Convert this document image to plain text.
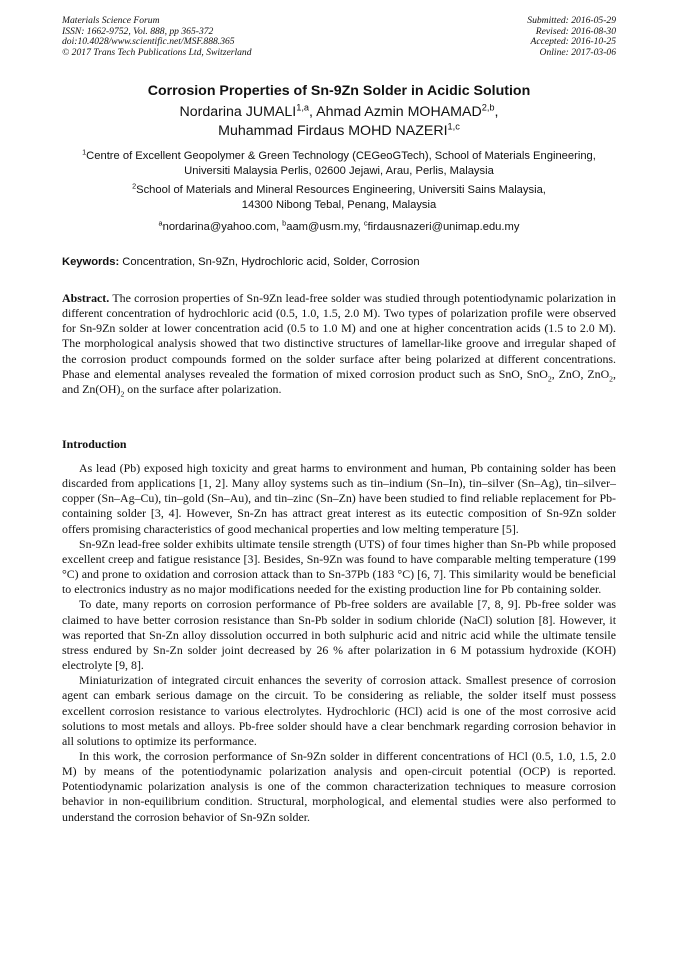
Materials Science Forum
ISSN: 1662-9752, Vol. 888, pp 365-372
doi:10.4028/www.scientific.net/MSF.888.365
© 2017 Trans Tech Publications Ltd, Switzerland
Submitted: 2016-05-29
Revised: 2016-08-30
Accepted: 2016-10-25
Online: 2017-03-06
Corrosion Properties of Sn-9Zn Solder in Acidic Solution
Nordarina JUMALI$^{1,a}$, Ahmad Azmin MOHAMAD$^{2,b}$,
Muhammad Firdaus MOHD NAZERI$^{1,c}$
$^1$Centre of Excellent Geopolymer & Green Technology (CEGeoGTech), School of Materials Engineering, Universiti Malaysia Perlis, 02600 Jejawi, Arau, Perlis, Malaysia
$^2$School of Materials and Mineral Resources Engineering, Universiti Sains Malaysia,
14300 Nibong Tebal, Penang, Malaysia
$^a$nordarina@yahoo.com, $^b$aam@usm.my, $^c$firdausnazeri@unimap.edu.my
Keywords: Concentration, Sn-9Zn, Hydrochloric acid, Solder, Corrosion
Abstract. The corrosion properties of Sn-9Zn lead-free solder was studied through potentiodynamic polarization in different concentration of hydrochloric acid (0.5, 1.0, 1.5, 2.0 M). Two types of polarization profile were observed for Sn-9Zn solder at lower concentration acid (0.5 to 1.0 M) and one at higher concentration acids (1.5 to 2.0 M). The morphological analysis showed that two distinctive structures of lamellar-like groove and irregular shaped of the corrosion product compounds formed on the solder surface after being polarized at different concentrations. Phase and elemental analyses revealed the formation of mixed corrosion product such as SnO, SnO$_2$, ZnO, ZnO$_2$, and $Zn(OH)_2$ on the surface after polarization.
Introduction

As lead (Pb) exposed high toxicity and great harms to environment and human, Pb containing solder has been discarded from applications [1, 2]. Many alloy systems such as tin–indium (Sn–In), tin–silver (Sn–Ag), tin–silver–copper (Sn–Ag–Cu), tin–gold (Sn–Au), and tin–zinc (Sn–Zn) have been studied to find reliable replacement for Pb-containing solder [3, 4]. However, Sn-Zn has attract great interest as its eutectic composition of Sn-9Zn solder offers promising characteristics of good mechanical properties and low melting temperature [5].

Sn-9Zn lead-free solder exhibits ultimate tensile strength (UTS) of four times higher than Sn-Pb while proposed excellent creep and fatigue resistance [3]. Besides, Sn-9Zn was found to have comparable melting temperature (199 °C) and prone to oxidation and corrosion attack than to Sn-37Pb (183 °C) [6, 7]. This similarity would be beneficial to electronics industry as no major modifications needed for the existing production line for Pb containing solder.

To date, many reports on corrosion performance of Pb-free solders are available [7, 8, 9]. Pb-free solder was claimed to have better corrosion resistance than Sn-Pb solder in sodium chloride (NaCl) solution [8]. However, it was reported that Sn-Zn alloy dissolution occurred in both sulphuric acid and nitric acid while the ultimate tensile stress endured by Sn-Zn solder joint decreased by 26 % after polarization in 6 M potassium hydroxide (KOH) electrolyte [9, 8].

Miniaturization of integrated circuit enhances the severity of corrosion attack. Smallest presence of corrosion agent can embark serious damage on the circuit. To be considering as reliable, the solder itself must possess excellent corrosion resistance to various electrolytes. Hydrochloric (HCl) acid is one of the most corrosive acid solutions to most metals and alloys. Pb-free solder should have a clear benchmark regarding corrosion behavior in all solutions to optimize its performance.

In this work, the corrosion performance of Sn-9Zn solder in different concentrations of HCl (0.5, 1.0, 1.5, 2.0 M) by means of the potentiodynamic polarization analysis and open-circuit potential (OCP) is reported. Potentiodynamic polarization analysis is one of the common characterization techniques to measure corrosion behavior in non-equilibrium condition. Structural, morphological, and elemental studies were also performed to understand the corrosion behavior of Sn-9Zn solder.
